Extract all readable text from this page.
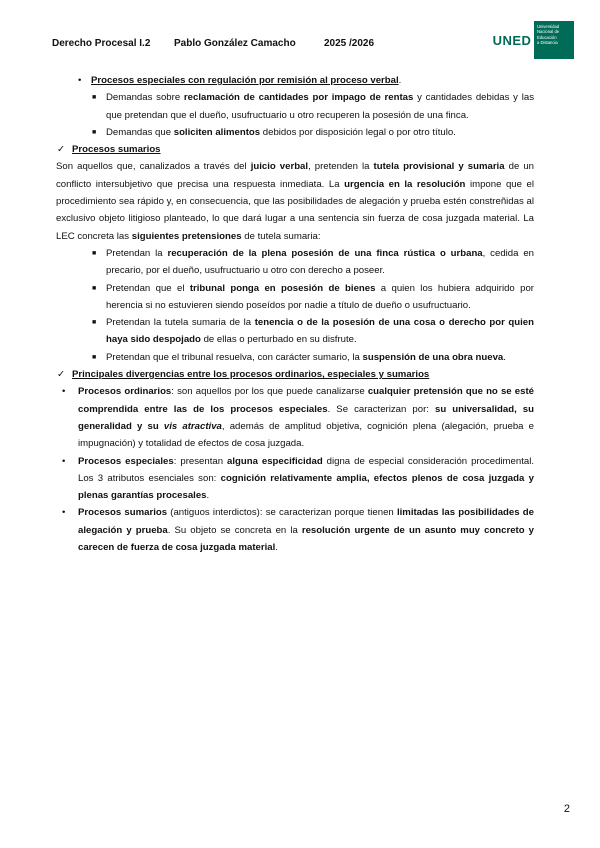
Derecho Procesal I.2 Pablo González Camacho	2025 /2026	UNED
Universidad
Nacional de
Educación
a Distancia

• Procesos especiales con regulación por remisión al proceso verbal.

■ Demandas sobre reclamación de cantidades por impago de rentas y cantidades debidas y las que pretendan que el dueño, usufructuario u otro recuperen la posesión de una finca.

■ Demandas que soliciten alimentos debidos por disposición legal o por otro título.

✓ Procesos sumarios

Son aquellos que, canalizados a través del juicio verbal, pretenden la tutela provisional y sumaria de un conflicto intersubjetivo que precisa una respuesta inmediata. La urgencia en la resolución impone que el procedimiento sea rápido y, en consecuencia, que las posibilidades de alegación y prueba estén constreñidas al exclusivo objeto litigioso planteado, lo que dará lugar a una sentencia sin fuerza de cosa juzgada material. La LEC concreta las siguientes pretensiones de tutela sumaria:

■ Pretendan la recuperación de la plena posesión de una finca rústica o urbana, cedida en precario, por el dueño, usufructuario u otro con derecho a poseer.

■ Pretendan que el tribunal ponga en posesión de bienes a quien los hubiera adquirido por herencia si no estuvieren siendo poseídos por nadie a título de dueño o usufructuario.

■ Pretendan la tutela sumaria de la tenencia o de la posesión de una cosa o derecho por quien haya sido despojado de ellas o perturbado en su disfrute.

■ Pretendan que el tribunal resuelva, con carácter sumario, la suspensión de una obra nueva.

✓ Principales divergencias entre los procesos ordinarios, especiales y sumarios

• Procesos ordinarios: son aquellos por los que puede canalizarse cualquier pretensión que no se esté comprendida entre las de los procesos especiales. Se caracterizan por: su universalidad, su generalidad y su vis atractiva, además de amplitud objetiva, cognición plena (alegación, prueba e impugnación) y totalidad de efectos de cosa juzgada.

• Procesos especiales: presentan alguna especificidad digna de especial consideración procedimental. Los 3 atributos esenciales son: cognición relativamente amplia, efectos plenos de cosa juzgada y plenas garantías procesales.

• Procesos sumarios (antiguos interdictos): se caracterizan porque tienen limitadas las posibilidades de alegación y prueba. Su objeto se concreta en la resolución urgente de un asunto muy concreto y carecen de fuerza de cosa juzgada material.

2
